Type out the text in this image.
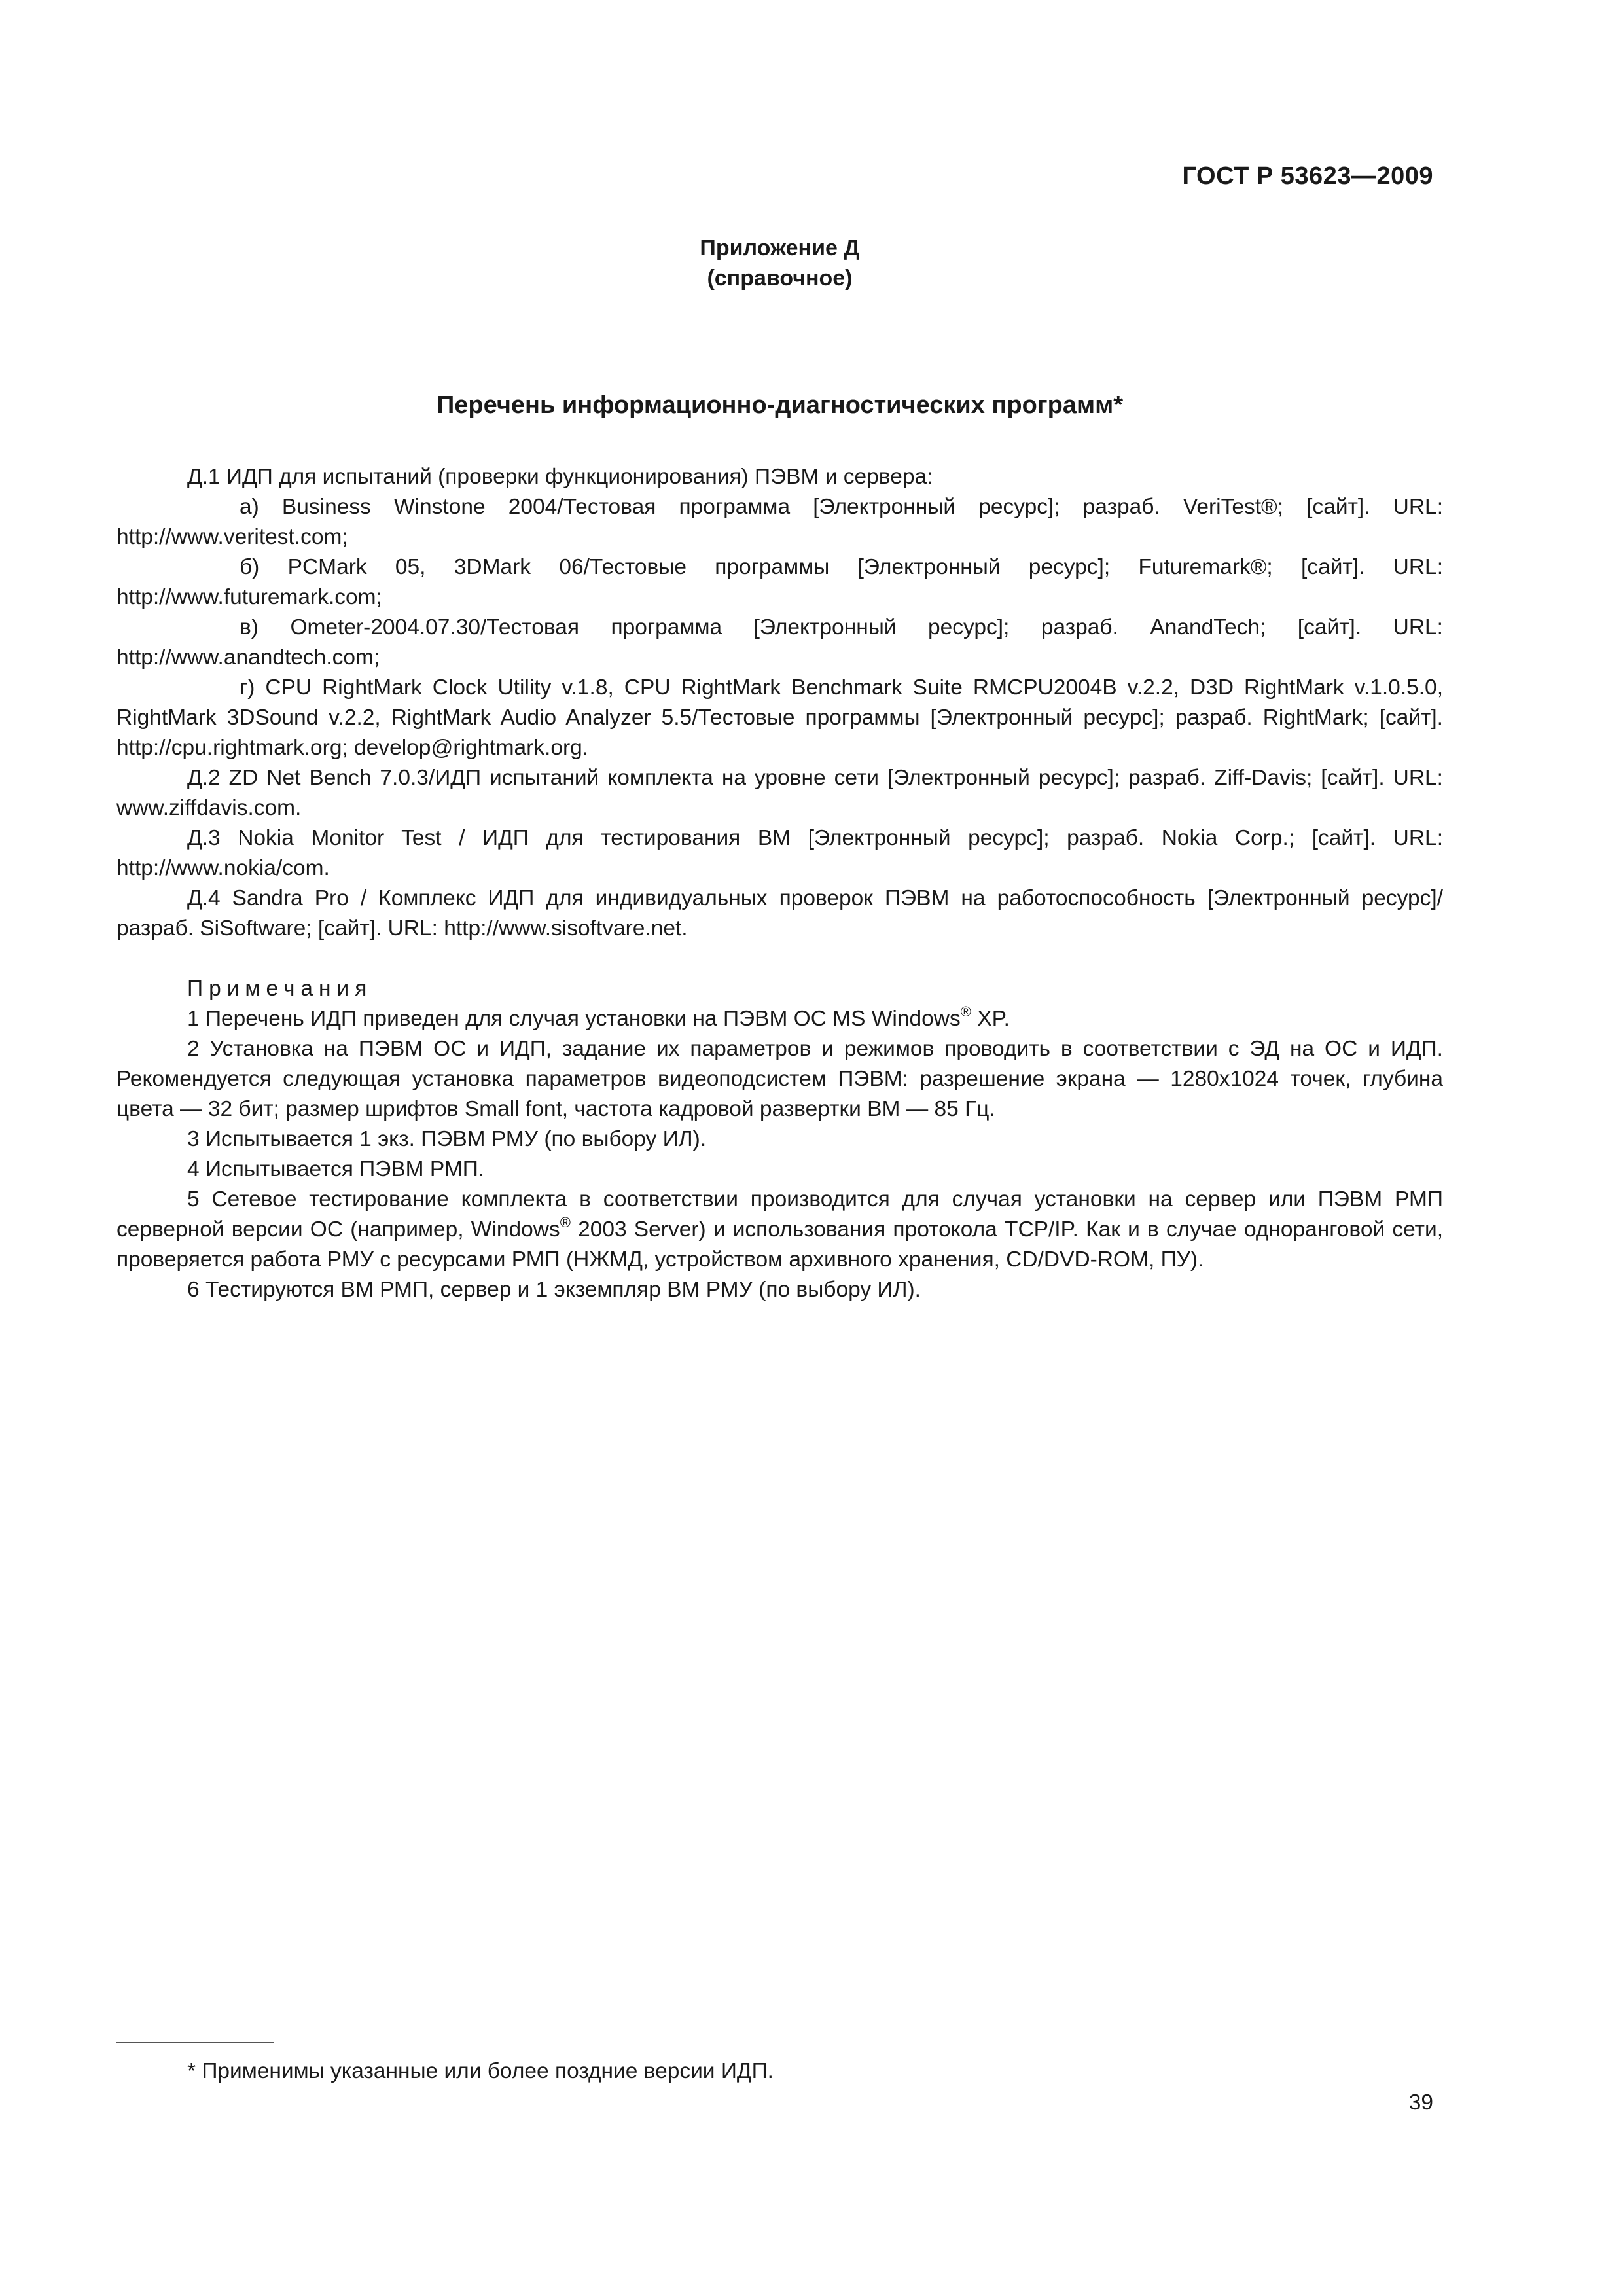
ГОСТ Р 53623—2009
Приложение Д
(справочное)
Перечень информационно-диагностических программ*

Д.1 ИДП для испытаний (проверки функционирования) ПЭВМ и сервера:

а) Business Winstone 2004/Тестовая программа [Электронный ресурс]; разраб. VeriTest®; [сайт]. URL: http://www.veritest.com;

б) PCMark 05, 3DMark 06/Тестовые программы [Электронный ресурс]; Futuremark®; [сайт]. URL: http://www.futuremark.com;

в) Ometer-2004.07.30/Тестовая программа [Электронный ресурс]; разраб. AnandTech; [сайт]. URL: http://www.anandtech.com;

г) CPU RightMark Clock Utility v.1.8, CPU RightMark Benchmark Suite RMCPU2004B v.2.2, D3D RightMark v.1.0.5.0, RightMark 3DSound v.2.2, RightMark Audio Analyzer 5.5/Тестовые программы [Электронный ресурс]; разраб. RightMark; [сайт]. http://cpu.rightmark.org; develop@rightmark.org.

Д.2 ZD Net Bench 7.0.3/ИДП испытаний комплекта на уровне сети [Электронный ресурс]; разраб. Ziff-Davis; [сайт]. URL: www.ziffdavis.com.

Д.3 Nokia Monitor Test / ИДП для тестирования ВМ [Электронный ресурс]; разраб. Nokia Corp.; [сайт]. URL: http://www.nokia/com.

Д.4 Sandra Pro / Комплекс ИДП для индивидуальных проверок ПЭВМ на работоспособность [Электронный ресурс]/разраб. SiSoftware; [сайт]. URL: http://www.sisoftvare.net.

Примечания

1 Перечень ИДП приведен для случая установки на ПЭВМ ОС MS Windows® XP.

2 Установка на ПЭВМ ОС и ИДП, задание их параметров и режимов проводить в соответствии с ЭД на ОС и ИДП. Рекомендуется следующая установка параметров видеоподсистем ПЭВМ: разрешение экрана — 1280x1024 точек, глубина цвета — 32 бит; размер шрифтов Small font, частота кадровой развертки ВМ — 85 Гц.

3 Испытывается 1 экз. ПЭВМ РМУ (по выбору ИЛ).

4 Испытывается ПЭВМ РМП.

5 Сетевое тестирование комплекта в соответствии производится для случая установки на сервер или ПЭВМ РМП серверной версии ОС (например, Windows® 2003 Server) и использования протокола TCP/IP. Как и в случае одноранговой сети, проверяется работа РМУ с ресурсами РМП (НЖМД, устройством архивного хранения, CD/DVD-ROM, ПУ).

6 Тестируются ВМ РМП, сервер и 1 экземпляр ВМ РМУ (по выбору ИЛ).

* Применимы указанные или более поздние версии ИДП.
39
